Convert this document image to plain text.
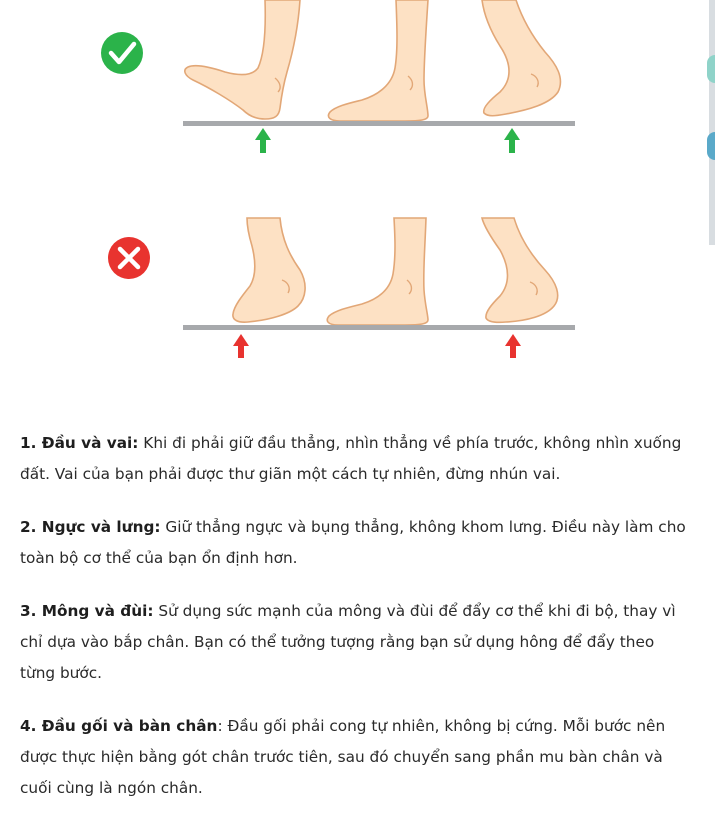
1. Đầu và vai: Khi đi phải giữ đầu thẳng, nhìn thẳng về phía trước, không nhìn xuống đất. Vai của bạn phải được thư giãn một cách tự nhiên, đừng nhún vai.

2. Ngực và lưng: Giữ thẳng ngực và bụng thẳng, không khom lưng. Điều này làm cho toàn bộ cơ thể của bạn ổn định hơn.

3. Mông và đùi: Sử dụng sức mạnh của mông và đùi để đẩy cơ thể khi đi bộ, thay vì chỉ dựa vào bắp chân. Bạn có thể tưởng tượng rằng bạn sử dụng hông để đẩy theo từng bước.

4. Đầu gối và bàn chân: Đầu gối phải cong tự nhiên, không bị cứng. Mỗi bước nên được thực hiện bằng gót chân trước tiên, sau đó chuyển sang phần mu bàn chân và cuối cùng là ngón chân.
